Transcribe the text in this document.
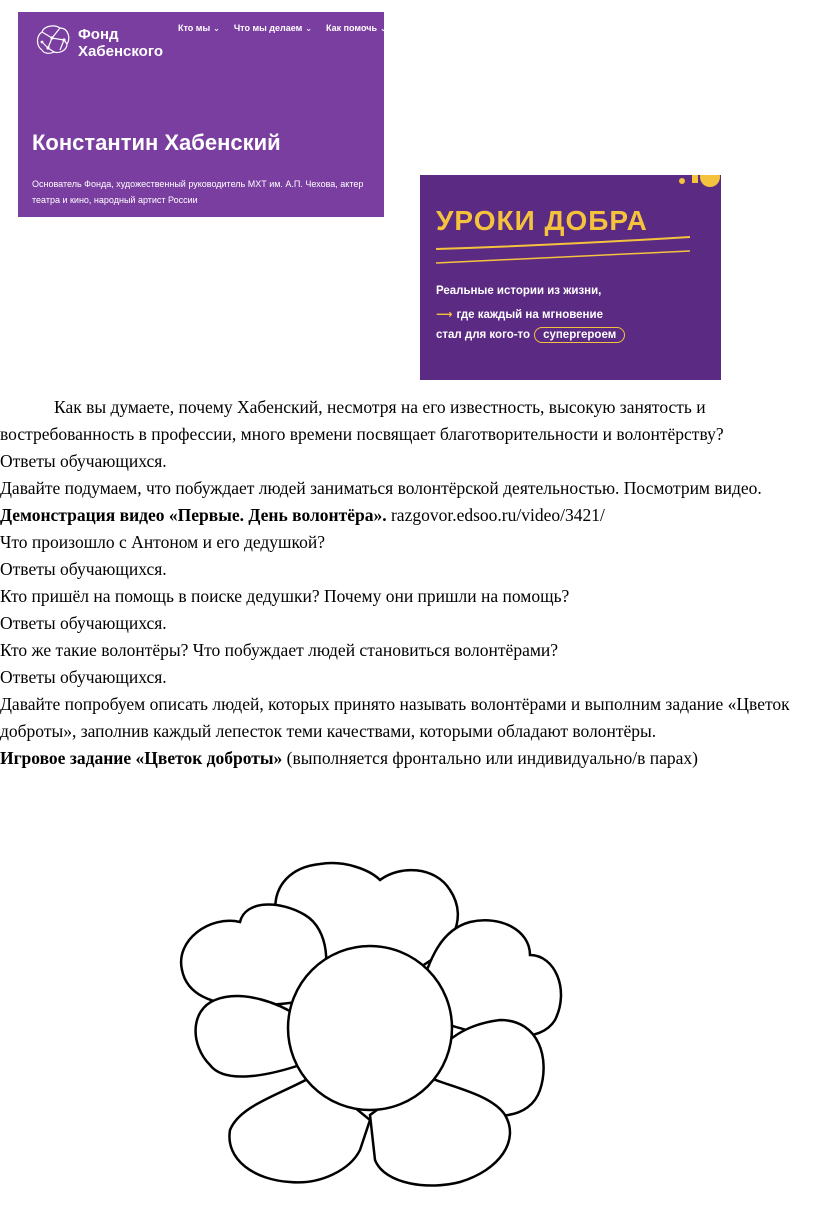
Фонд
Хабенского
Кто мы ⌄ Что мы делаем ⌄ Как помочь ⌄
Константин Хабенский
Основатель Фонда, художественный руководитель МХТ им. А.П. Чехова, актер театра и кино, народный артист России
УРОКИ ДОБРА
Реальные истории из жизни,
⟶ где каждый на мгновение
стал для кого-то супергероем

Как вы думаете, почему Хабенский, несмотря на его известность, высокую занятость и востребованность в профессии, много времени посвящает благотворительности и волонтёрству?

Ответы обучающихся.

Давайте подумаем, что побуждает людей заниматься волонтёрской деятельностью. Посмотрим видео.

Демонстрация видео «Первые. День волонтёра». razgovor.edsoo.ru/video/3421/

Что произошло с Антоном и его дедушкой?

Ответы обучающихся.

Кто пришёл на помощь в поиске дедушки? Почему они пришли на помощь?

Ответы обучающихся.

Кто же такие волонтёры? Что побуждает людей становиться волонтёрами?

Ответы обучающихся.

Давайте попробуем описать людей, которых принято называть волонтёрами и выполним задание «Цветок доброты», заполнив каждый лепесток теми качествами, которыми обладают волонтёры.

Игровое задание «Цветок доброты» (выполняется фронтально или индивидуально/в парах)
